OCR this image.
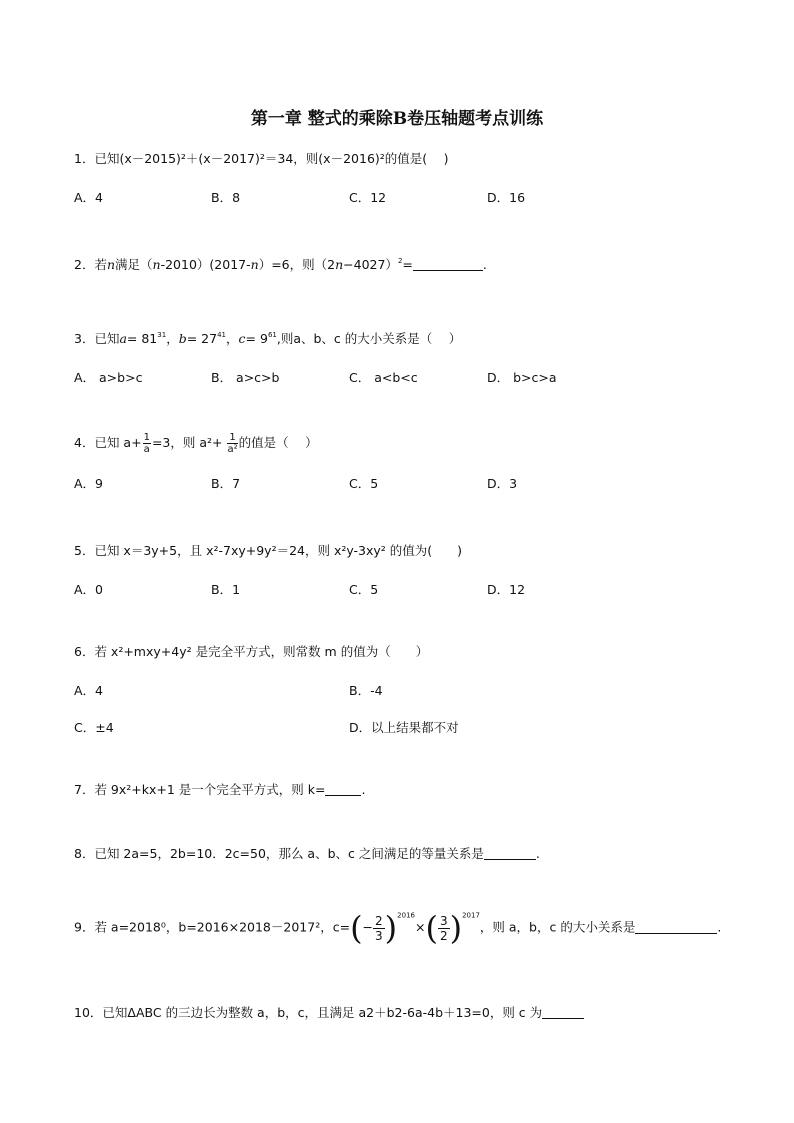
第一章 整式的乘除B卷压轴题考点训练
1．已知(x－2015)²＋(x－2017)²＝34，则(x－2016)²的值是(　 )
A．4	B．8	C．12	D．16
2．若n满足（n-2010）(2017-n）=6，则$(2n-4027)^2=$	.
3．已知$a= 81^{31}$，$b= 27^{41}$，$c= 9^{61}$,则a、b、c 的大小关系是（　 ）
A． a>b>c	B． a>c>b	C． a<b<c	D． b>c>a
4．已知 $a+ \frac{1}{a} =3$，则 $a^2+ \frac{1}{\text{a²}}$ 的值是（　 ）
A．9	B．7	C．5	D．3
5．已知 x＝3y+5，且 x²-7xy+9y²＝24，则 x²y-3xy² 的值为(　　)
A．0	B．1	C．5	D．12
6．若 x²+mxy+4y² 是完全平方式，则常数 m 的值为（　　）
A．4	B．-4
C．±4	D．以上结果都不对
7．若 9x²+kx+1 是一个完全平方式，则 k=	.
8．已知 2a=5，2b=10．2c=50，那么 a、b、c 之间满足的等量关系是	.
9．若 a=2018⁰，b=2016×2018－2017²，$c=(- \frac{2}{3} )^{2016}\times( \frac{3}{2} )^{2017}$，则 a，b，c 的大小关系是	.
10．已知ΔABC 的三边长为整数 a，b，c，且满足 a2＋b2-6a-4b＋13=0，则 c 为
